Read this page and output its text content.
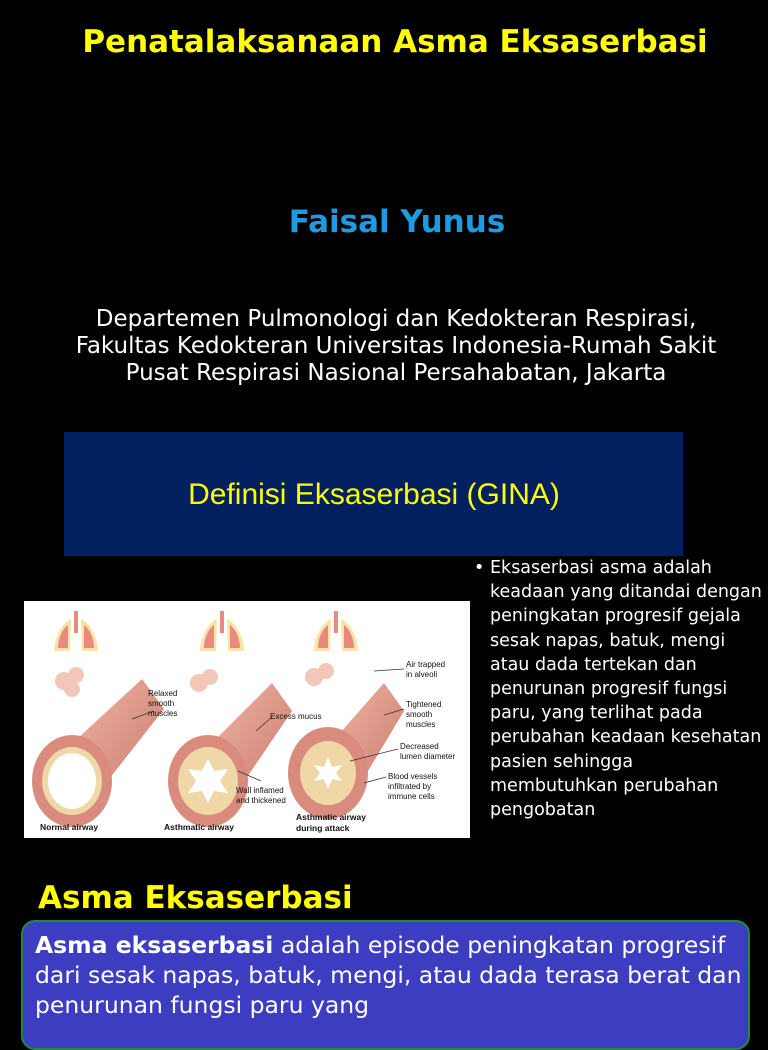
Penatalaksanaan Asma Eksaserbasi
Faisal Yunus
Departemen Pulmonologi dan Kedokteran Respirasi, Fakultas Kedokteran Universitas Indonesia-Rumah Sakit Pusat Respirasi Nasional Persahabatan, Jakarta
Definisi Eksaserbasi (GINA)
Relaxed
smooth
muscles	Excess mucus
Wall inflamed
and thickened
Air trapped
in alveoli
Tightened
smooth
muscles
Decreased
lumen diameter
Blood vessels
infiltrated by
immune cells
Normal airway	Asthmatic airway
Asthmatic airway
during attack
• Eksaserbasi asma adalah keadaan yang ditandai dengan peningkatan progresif gejala sesak napas, batuk, mengi atau dada tertekan dan penurunan progresif fungsi paru, yang terlihat pada perubahan keadaan kesehatan pasien sehingga membutuhkan perubahan pengobatan
Asma Eksaserbasi
Asma eksaserbasi adalah episode peningkatan progresif dari sesak napas, batuk, mengi, atau dada terasa berat dan penurunan fungsi paru yang
